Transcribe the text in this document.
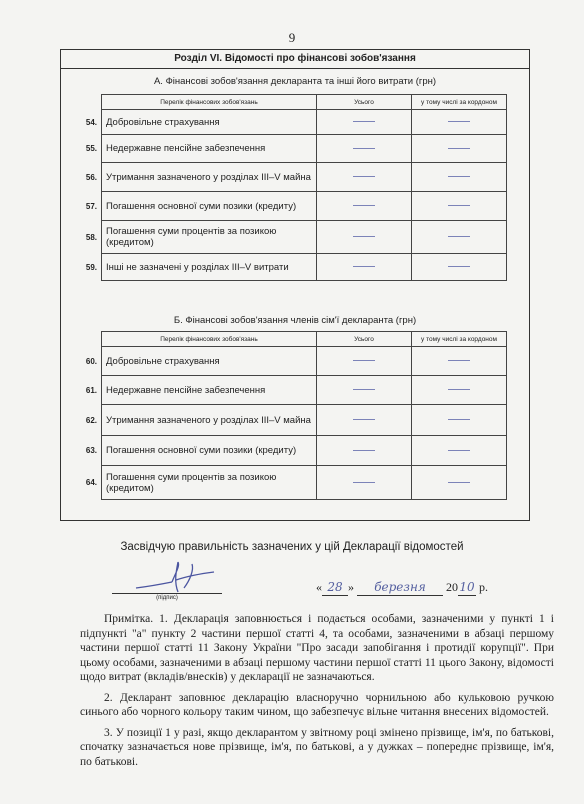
9
Розділ VI. Відомості про фінансові зобов'язання
А. Фінансові зобов'язання декларанта та інші його витрати (грн)
	Перелік фінансових зобов'язань	Усього	у тому числі за кордоном
54.	Добровільне страхування		
55.	Недержавне пенсійне забезпечення		
56.	Утримання зазначеного у розділах III–V майна		
57.	Погашення основної суми позики (кредиту)		
58.	Погашення суми процентів за позикою (кредитом)		
59.	Інші не зазначені у розділах III–V витрати		
Б. Фінансові зобов'язання членів сім'ї декларанта (грн)
	Перелік фінансових зобов'язань	Усього	у тому числі за кордоном
60.	Добровільне страхування		
61.	Недержавне пенсійне забезпечення		
62.	Утримання зазначеного у розділах III–V майна		
63.	Погашення основної суми позики (кредиту)		
64.	Погашення суми процентів за позикою (кредитом)		
Засвідчую правильність зазначених у цій Декларації відомостей
(підпис)
« 28 » березня 2010 р.

Примітка. 1. Декларація заповнюється і подається особами, зазначеними у пункті 1 і підпункті "а" пункту 2 частини першої статті 4, та особами, зазначеними в абзаці першому частини першої статті 11 Закону України "Про засади запобігання і протидії корупції". При цьому особами, зазначеними в абзаці першому частини першої статті 11 цього Закону, відомості щодо витрат (вкладів/внесків) у декларації не зазначаються.

2. Декларант заповнює декларацію власноручно чорнильною або кульковою ручкою синього або чорного кольору таким чином, що забезпечує вільне читання внесених відомостей.

3. У позиції 1 у разі, якщо декларантом у звітному році змінено прізвище, ім'я, по батькові, спочатку зазначається нове прізвище, ім'я, по батькові, а у дужках – попереднє прізвище, ім'я, по батькові.
